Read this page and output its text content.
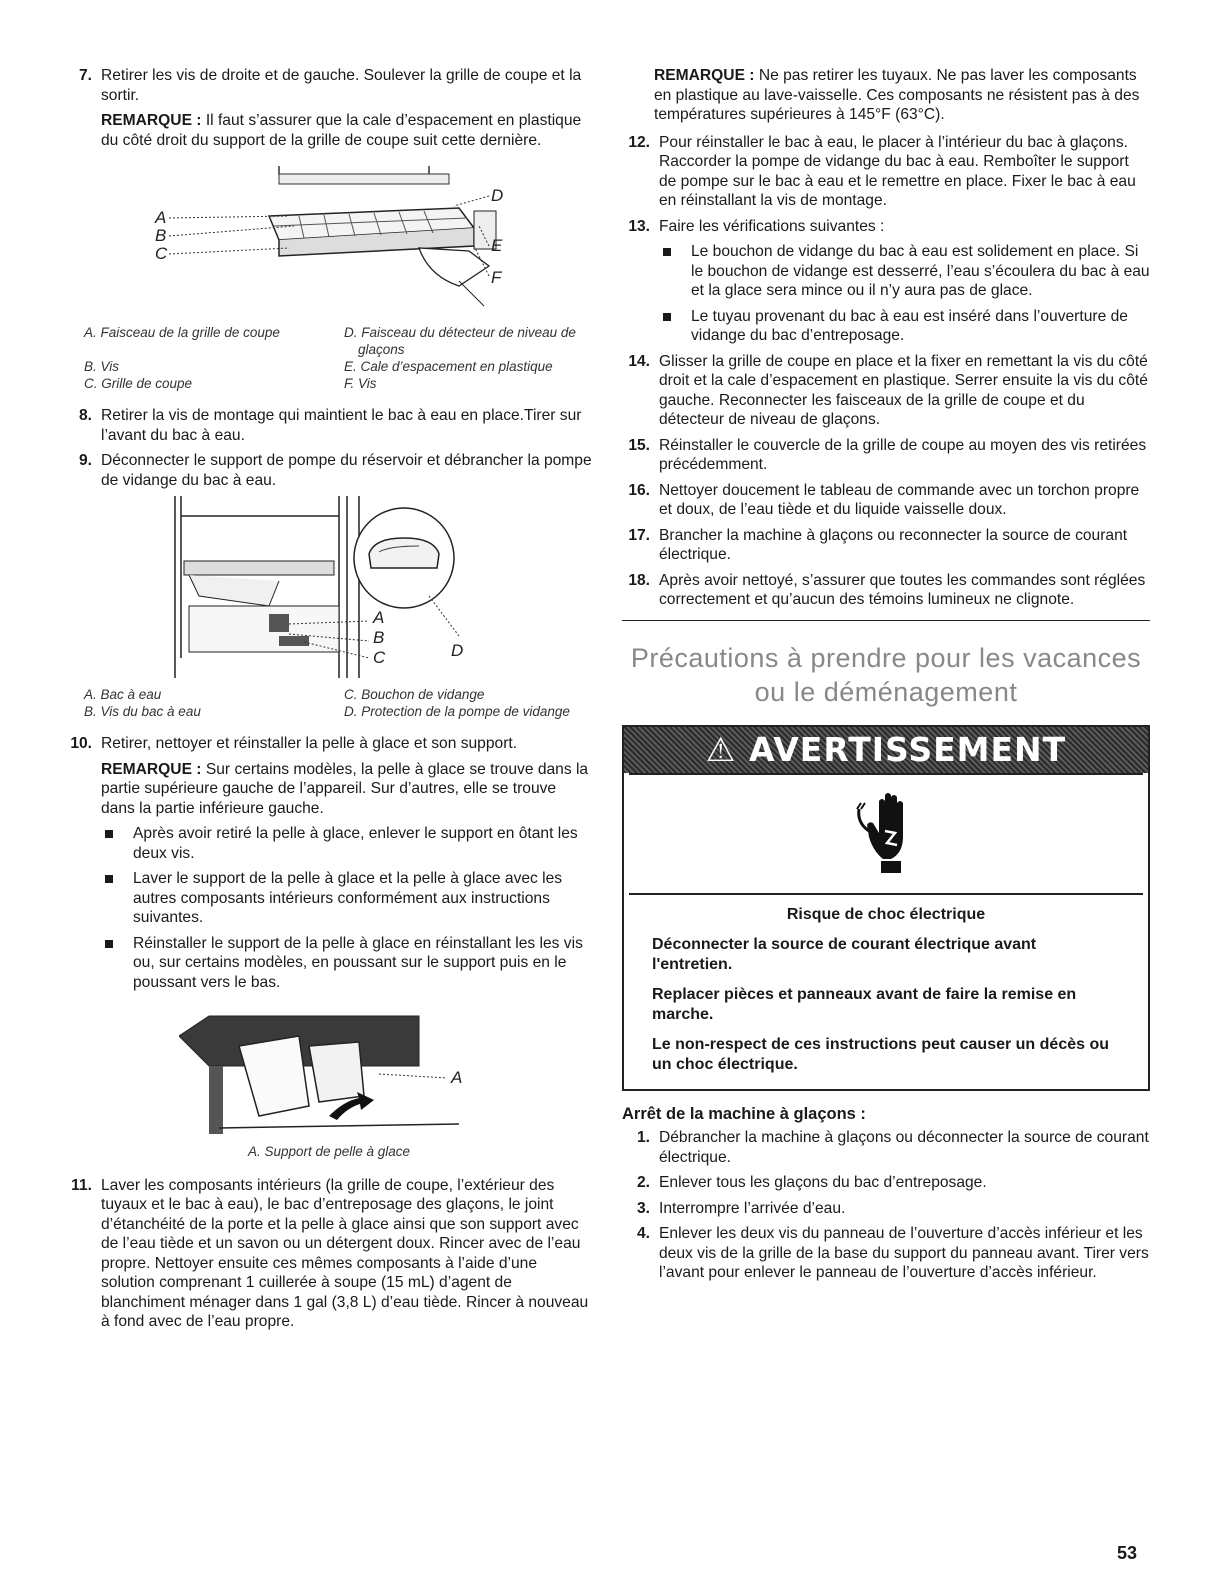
7. Retirer les vis de droite et de gauche. Soulever la grille de coupe et la sortir.

REMARQUE : Il faut s’assurer que la cale d’espacement en plastique du côté droit du support de la grille de coupe suit cette dernière.

A
B
C
D
E
F
A. Faisceau de la grille de coupe	D. Faisceau du détecteur de niveau de glaçons
B. Vis	E. Cale d’espacement en plastique
C. Grille de coupe	F. Vis
8. Retirer la vis de montage qui maintient le bac à eau en place.Tirer sur l’avant du bac à eau.

9. Déconnecter le support de pompe du réservoir et débrancher la pompe de vidange du bac à eau.

A
B
C	D
A. Bac à eau	C. Bouchon de vidange
B. Vis du bac à eau	D. Protection de la pompe de vidange
10. Retirer, nettoyer et réinstaller la pelle à glace et son support.

REMARQUE : Sur certains modèles, la pelle à glace se trouve dans la partie supérieure gauche de l’appareil. Sur d’autres, elle se trouve dans la partie inférieure gauche.

Après avoir retiré la pelle à glace, enlever le support en ôtant les deux vis.
Laver le support de la pelle à glace et la pelle à glace avec les autres composants intérieurs conformément aux instructions suivantes.
Réinstaller le support de la pelle à glace en réinstallant les les vis ou, sur certains modèles, en poussant sur le support puis en le poussant vers le bas.
A
A. Support de pelle à glace
11. Laver les composants intérieurs (la grille de coupe, l’extérieur des tuyaux et le bac à eau), le bac d’entreposage des glaçons, le joint d’étanchéité de la porte et la pelle à glace ainsi que son support avec de l’eau tiède et un savon ou un détergent doux. Rincer avec de l’eau propre. Nettoyer ensuite ces mêmes composants à l’aide d’une solution comprenant 1 cuillerée à soupe (15 mL) d’agent de blanchiment ménager dans 1 gal (3,8 L) d’eau tiède. Rincer à nouveau à fond avec de l’eau propre.

REMARQUE : Ne pas retirer les tuyaux. Ne pas laver les composants en plastique au lave-vaisselle. Ces composants ne résistent pas à des températures supérieures à 145°F (63°C).
12. Pour réinstaller le bac à eau, le placer à l’intérieur du bac à glaçons. Raccorder la pompe de vidange du bac à eau. Remboîter le support de pompe sur le bac à eau et le remettre en place. Fixer le bac à eau en réinstallant la vis de montage.

13. Faire les vérifications suivantes :

Le bouchon de vidange du bac à eau est solidement en place. Si le bouchon de vidange est desserré, l’eau s’écoulera du bac à eau et la glace sera mince ou il n’y aura pas de glace.
Le tuyau provenant du bac à eau est inséré dans l’ouverture de vidange du bac d’entreposage.
14. Glisser la grille de coupe en place et la fixer en remettant la vis du côté droit et la cale d’espacement en plastique. Serrer ensuite la vis du côté gauche. Reconnecter les faisceaux de la grille de coupe et du détecteur de niveau de glaçons.

15. Réinstaller le couvercle de la grille de coupe au moyen des vis retirées précédemment.

16. Nettoyer doucement le tableau de commande avec un torchon propre et doux, de l’eau tiède et du liquide vaisselle doux.

17. Brancher la machine à glaçons ou reconnecter la source de courant électrique.

18. Après avoir nettoyé, s’assurer que toutes les commandes sont réglées correctement et qu’aucun des témoins lumineux ne clignote.

Précautions à prendre pour les vacances
ou le déménagement
⚠ AVERTISSEMENT

Risque de choc électrique

Déconnecter la source de courant électrique avant l'entretien.

Replacer pièces et panneaux avant de faire la remise en marche.

Le non-respect de ces instructions peut causer un décès ou un choc électrique.

Arrêt de la machine à glaçons :
1. Débrancher la machine à glaçons ou déconnecter la source de courant électrique.

2. Enlever tous les glaçons du bac d’entreposage.

3. Interrompre l’arrivée d’eau.

4. Enlever les deux vis du panneau de l’ouverture d’accès inférieur et les deux vis de la grille de la base du support du panneau avant. Tirer vers l’avant pour enlever le panneau de l’ouverture d’accès inférieur.

53
